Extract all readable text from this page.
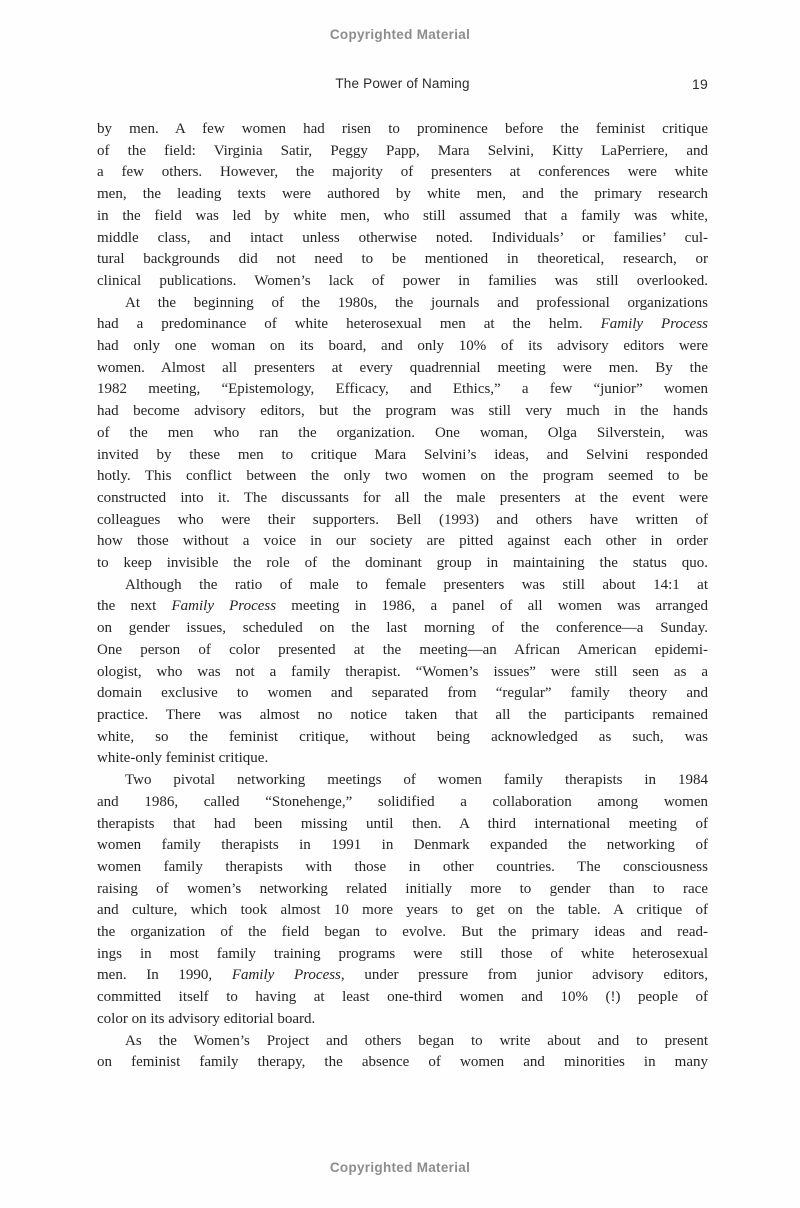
Copyrighted Material
The Power of Naming	19
by men. A few women had risen to prominence before the feminist critique
of the field: Virginia Satir, Peggy Papp, Mara Selvini, Kitty LaPerriere, and
a few others. However, the majority of presenters at conferences were white
men, the leading texts were authored by white men, and the primary research
in the field was led by white men, who still assumed that a family was white,
middle class, and intact unless otherwise noted. Individuals’ or families’ cul-
tural backgrounds did not need to be mentioned in theoretical, research, or
clinical publications. Women’s lack of power in families was still overlooked.
At the beginning of the 1980s, the journals and professional organizations
had a predominance of white heterosexual men at the helm. Family Process
had only one woman on its board, and only 10% of its advisory editors were
women. Almost all presenters at every quadrennial meeting were men. By the
1982 meeting, “Epistemology, Efficacy, and Ethics,” a few “junior” women
had become advisory editors, but the program was still very much in the hands
of the men who ran the organization. One woman, Olga Silverstein, was
invited by these men to critique Mara Selvini’s ideas, and Selvini responded
hotly. This conflict between the only two women on the program seemed to be
constructed into it. The discussants for all the male presenters at the event were
colleagues who were their supporters. Bell (1993) and others have written of
how those without a voice in our society are pitted against each other in order
to keep invisible the role of the dominant group in maintaining the status quo.
Although the ratio of male to female presenters was still about 14:1 at
the next Family Process meeting in 1986, a panel of all women was arranged
on gender issues, scheduled on the last morning of the conference—a Sunday.
One person of color presented at the meeting—an African American epidemi-
ologist, who was not a family therapist. “Women’s issues” were still seen as a
domain exclusive to women and separated from “regular” family theory and
practice. There was almost no notice taken that all the participants remained
white, so the feminist critique, without being acknowledged as such, was
white-only feminist critique.
Two pivotal networking meetings of women family therapists in 1984
and 1986, called “Stonehenge,” solidified a collaboration among women
therapists that had been missing until then. A third international meeting of
women family therapists in 1991 in Denmark expanded the networking of
women family therapists with those in other countries. The consciousness
raising of women’s networking related initially more to gender than to race
and culture, which took almost 10 more years to get on the table. A critique of
the organization of the field began to evolve. But the primary ideas and read-
ings in most family training programs were still those of white heterosexual
men. In 1990, Family Process, under pressure from junior advisory editors,
committed itself to having at least one-third women and 10% (!) people of
color on its advisory editorial board.
As the Women’s Project and others began to write about and to present
on feminist family therapy, the absence of women and minorities in many
Copyrighted Material
